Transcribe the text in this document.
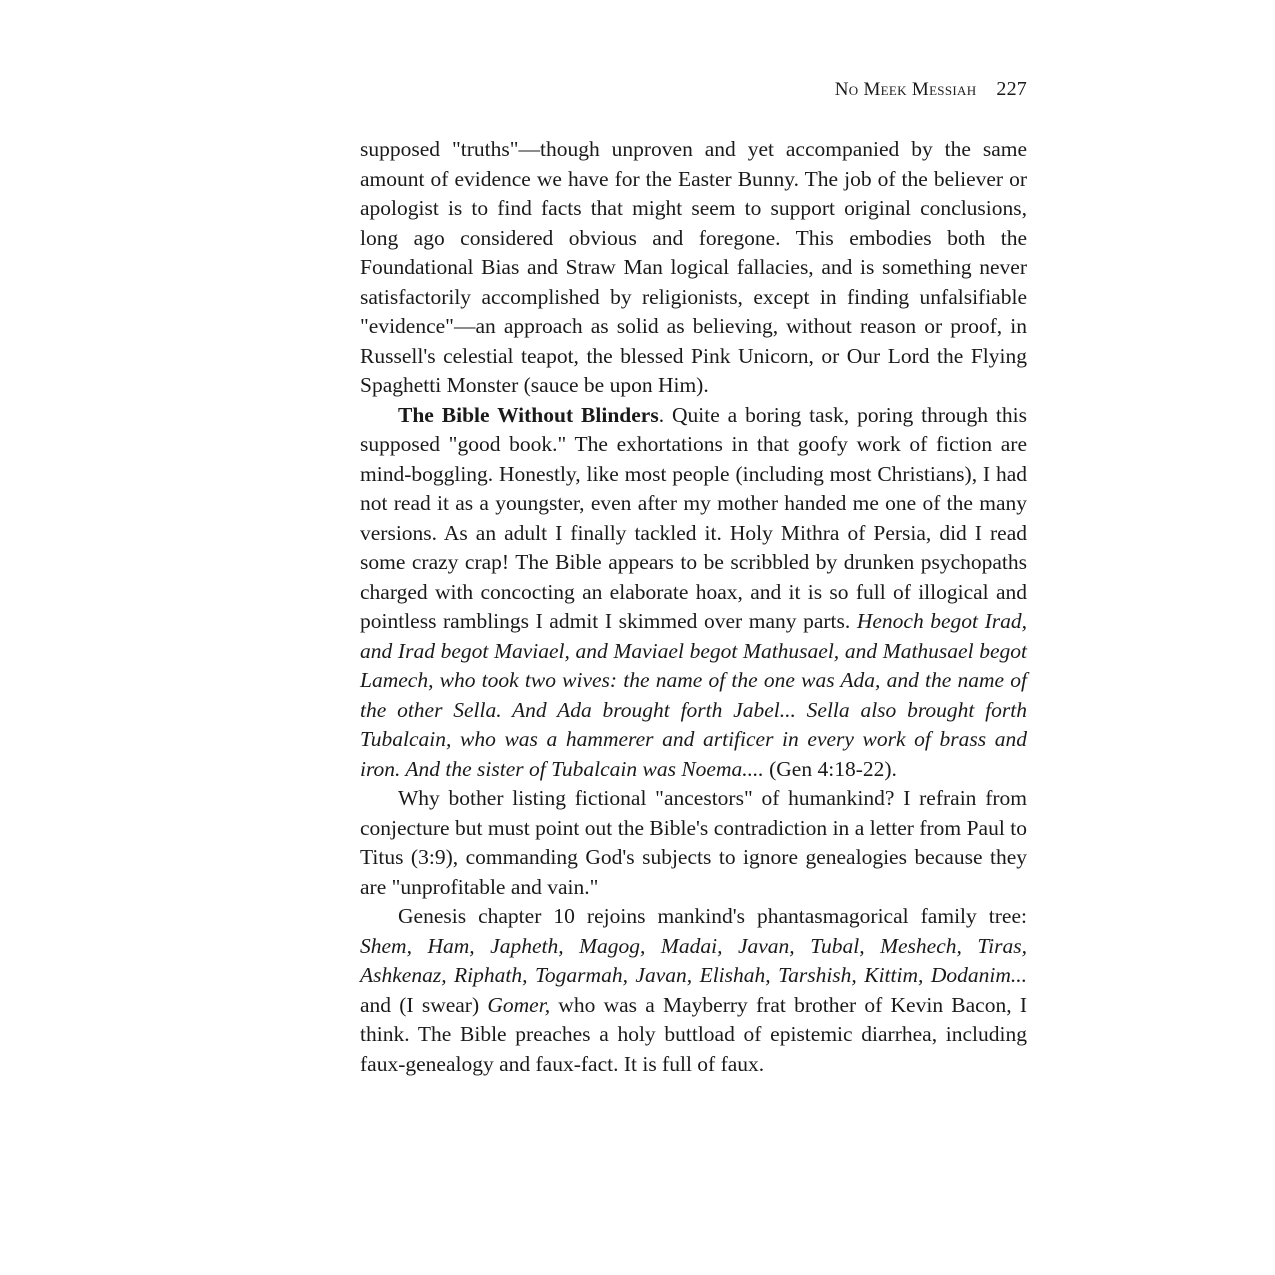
No Meek Messiah 227

supposed "truths"—though unproven and yet accompanied by the same amount of evidence we have for the Easter Bunny. The job of the believer or apologist is to find facts that might seem to support original conclusions, long ago considered obvious and foregone. This embodies both the Foundational Bias and Straw Man logical fallacies, and is something never satisfactorily accomplished by religionists, except in finding unfalsifiable "evidence"—an approach as solid as believing, without reason or proof, in Russell's celestial teapot, the blessed Pink Unicorn, or Our Lord the Flying Spaghetti Monster (sauce be upon Him).

The Bible Without Blinders. Quite a boring task, poring through this supposed "good book." The exhortations in that goofy work of fiction are mind-boggling. Honestly, like most people (including most Christians), I had not read it as a youngster, even after my mother handed me one of the many versions. As an adult I finally tackled it. Holy Mithra of Persia, did I read some crazy crap! The Bible appears to be scribbled by drunken psychopaths charged with concocting an elaborate hoax, and it is so full of illogical and pointless ramblings I admit I skimmed over many parts. Henoch begot Irad, and Irad begot Maviael, and Maviael begot Mathusael, and Mathusael begot Lamech, who took two wives: the name of the one was Ada, and the name of the other Sella. And Ada brought forth Jabel... Sella also brought forth Tubalcain, who was a hammerer and artificer in every work of brass and iron. And the sister of Tubalcain was Noema.... (Gen 4:18-22).

Why bother listing fictional "ancestors" of humankind? I refrain from conjecture but must point out the Bible's contradiction in a letter from Paul to Titus (3:9), commanding God's subjects to ignore genealogies because they are "unprofitable and vain."

Genesis chapter 10 rejoins mankind's phantasmagorical family tree: Shem, Ham, Japheth, Magog, Madai, Javan, Tubal, Meshech, Tiras, Ashkenaz, Riphath, Togarmah, Javan, Elishah, Tarshish, Kittim, Dodanim... and (I swear) Gomer, who was a Mayberry frat brother of Kevin Bacon, I think. The Bible preaches a holy buttload of epistemic diarrhea, including faux-genealogy and faux-fact. It is full of faux.
